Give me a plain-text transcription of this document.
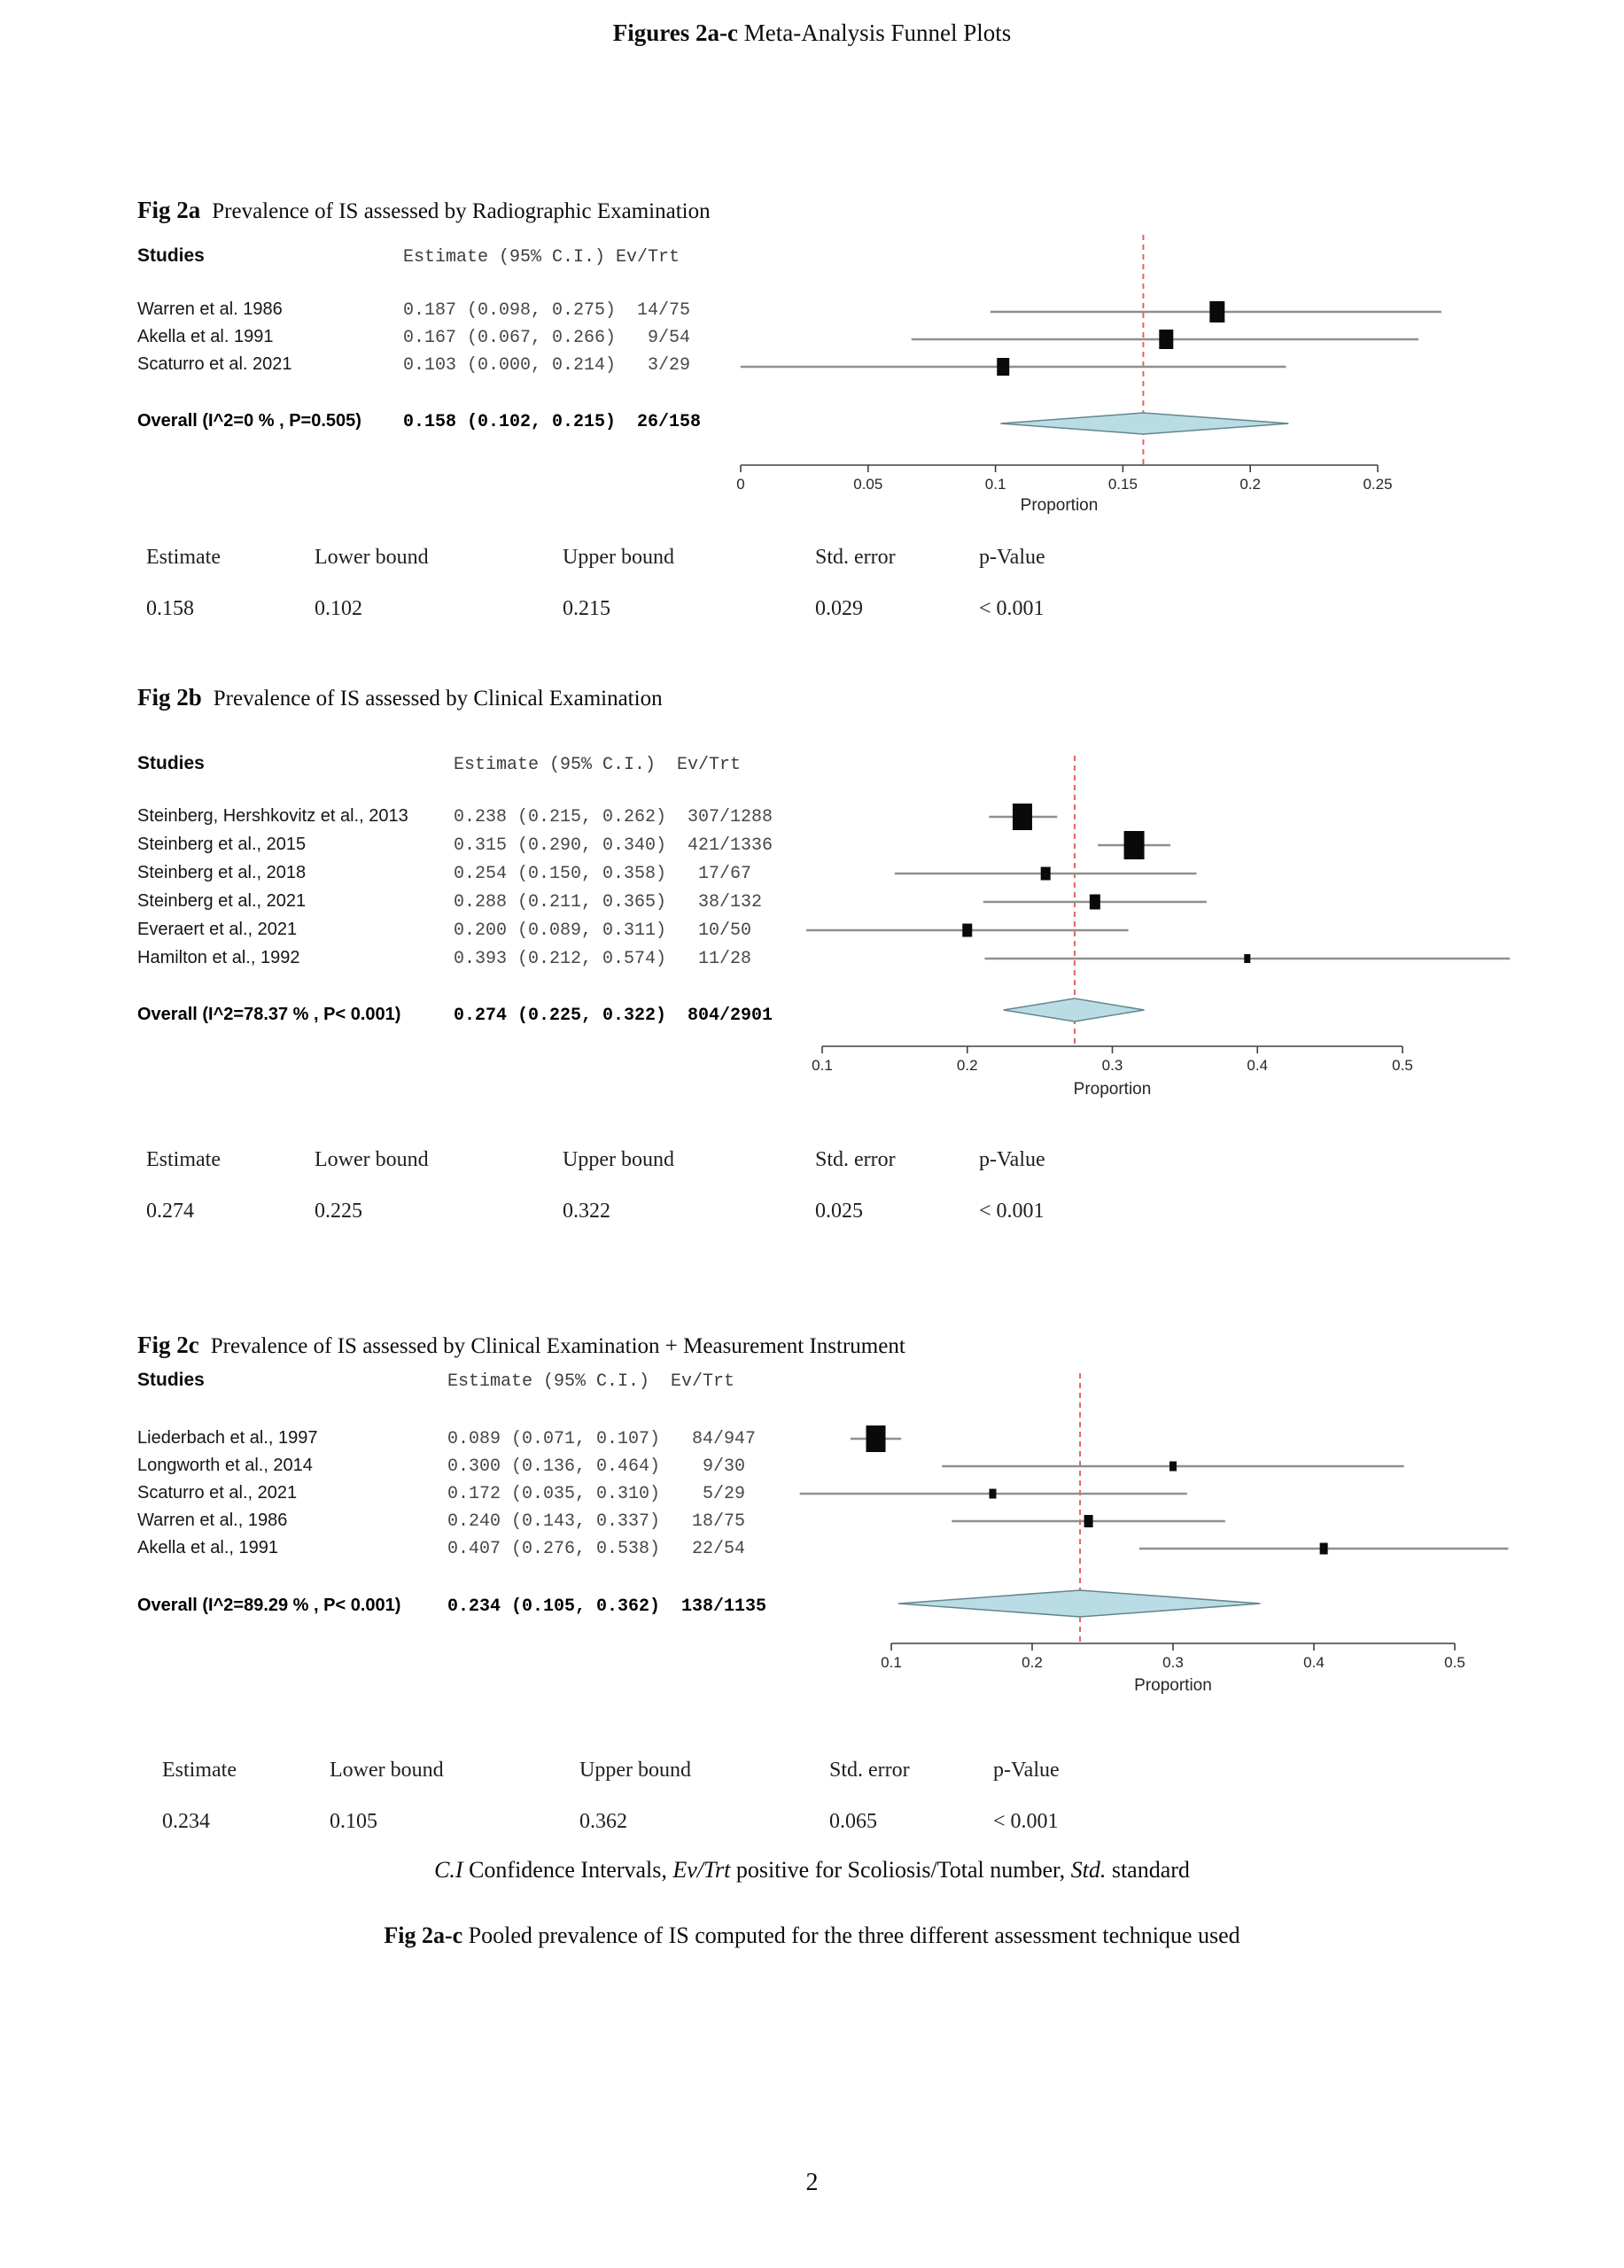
Figures 2a-c Meta-Analysis Funnel Plots
Fig 2a Prevalence of IS assessed by Radiographic Examination
Studies	Estimate (95% C.I.) Ev/Trt
Warren et al. 1986	0.187 (0.098, 0.275)  14/75
Akella et al. 1991	0.167 (0.067, 0.266)   9/54
Scaturro et al. 2021	0.103 (0.000, 0.214)   3/29
Overall (I^2=0 % , P=0.505) 0.158 (0.102, 0.215)  26/158
0	0.05	0.1	0.15	0.2	0.25
Proportion
Estimate	Lower bound	Upper bound	Std. error	p-Value
0.158	0.102	0.215	0.029	< 0.001
Fig 2b Prevalence of IS assessed by Clinical Examination
Studies	Estimate (95% C.I.)  Ev/Trt
Steinberg, Hershkovitz et al., 2013	0.238 (0.215, 0.262)  307/1288
Steinberg et al., 2015	0.315 (0.290, 0.340)  421/1336
Steinberg et al., 2018	0.254 (0.150, 0.358)   17/67
Steinberg et al., 2021	0.288 (0.211, 0.365)   38/132
Everaert et al., 2021	0.200 (0.089, 0.311)   10/50
Hamilton et al., 1992	0.393 (0.212, 0.574)   11/28
Overall (I^2=78.37 % , P< 0.001)	0.274 (0.225, 0.322)  804/2901
0.1	0.2	0.3	0.4	0.5
Proportion
Estimate	Lower bound	Upper bound	Std. error	p-Value
0.274	0.225	0.322	0.025	< 0.001
Fig 2c Prevalence of IS assessed by Clinical Examination + Measurement Instrument
Studies	Estimate (95% C.I.)  Ev/Trt
Liederbach et al., 1997	0.089 (0.071, 0.107)   84/947
Longworth et al., 2014	0.300 (0.136, 0.464)    9/30
Scaturro et al., 2021	0.172 (0.035, 0.310)    5/29
Warren et al., 1986	0.240 (0.143, 0.337)   18/75
Akella et al., 1991	0.407 (0.276, 0.538)   22/54
Overall (I^2=89.29 % , P< 0.001)	0.234 (0.105, 0.362)  138/1135
0.1	0.2	0.3	0.4	0.5
Proportion
Estimate	Lower bound	Upper bound	Std. error	p-Value
0.234	0.105	0.362	0.065	< 0.001
C.I Confidence Intervals, Ev/Trt positive for Scoliosis/Total number, Std. standard
Fig 2a-c Pooled prevalence of IS computed for the three different assessment technique used
2
